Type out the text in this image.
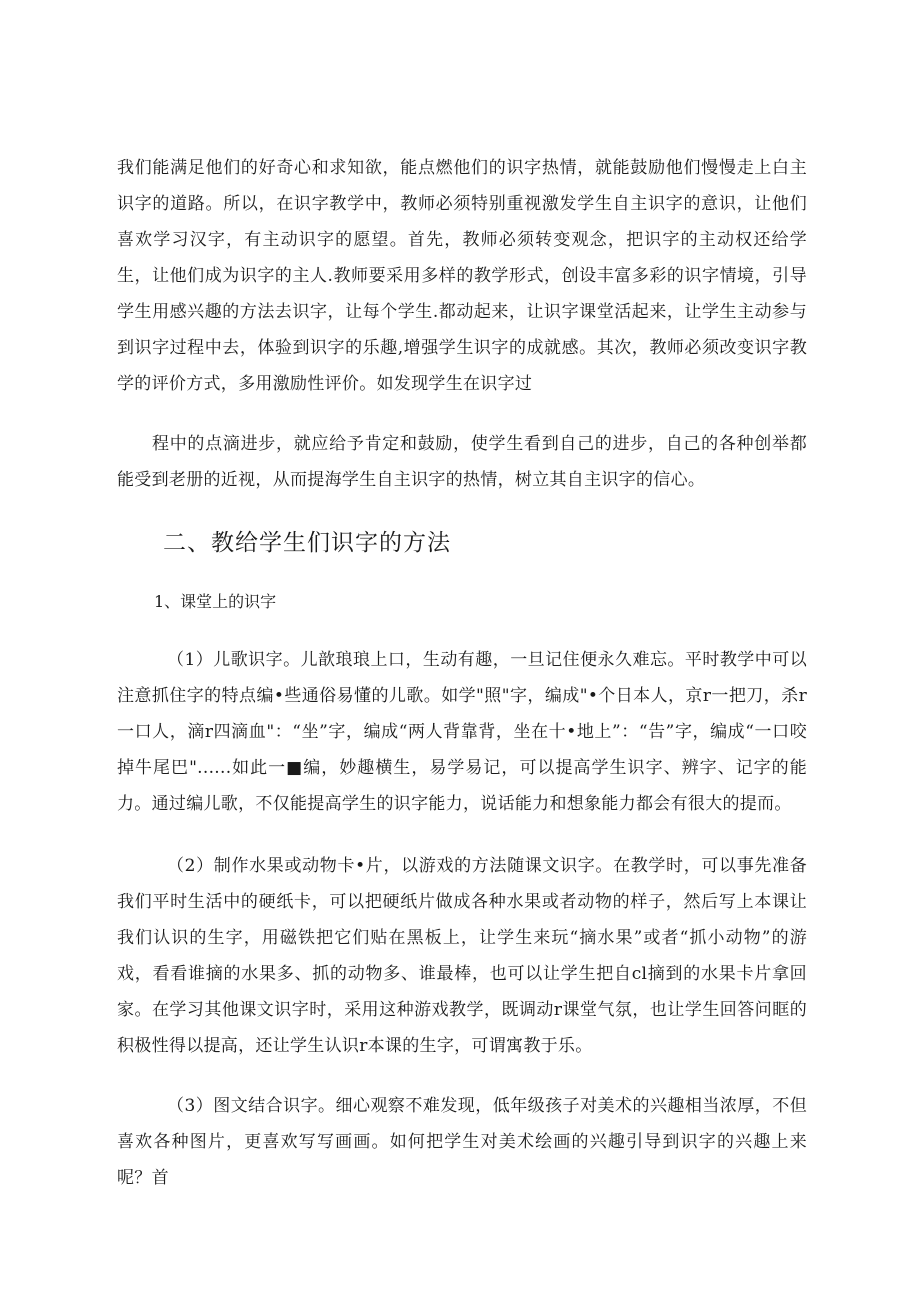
我们能满足他们的好奇心和求知欲，能点燃他们的识字热情，就能鼓励他们慢慢走上白主识字的道路。所以，在识字教学中，教师必须特别重视激发学生自主识字的意识，让他们喜欢学习汉字，有主动识字的愿望。首先，教师必须转变观念，把识字的主动权还给学生，让他们成为识字的主人.教师要采用多样的教学形式，创设丰富多彩的识字情境，引导学生用感兴趣的方法去识字，让每个学生.都动起来，让识字课堂活起来，让学生主动参与到识字过程中去，体验到识字的乐趣,增强学生识字的成就感。其次，教师必须改变识字教学的评价方式，多用激励性评价。如发现学生在识字过

程中的点滴进步，就应给予肯定和鼓励，使学生看到自己的进步，自己的各种创举都能受到老册的近视，从而提海学生自主识字的热情，树立其自主识字的信心。

二、教给学生们识字的方法
1、课堂上的识字

（1）儿歌识字。儿歆琅琅上口，生动有趣，一旦记住便永久难忘。平时教学中可以注意抓住字的特点编•些通俗易懂的儿歌。如学"照"字，编成"•个日本人，京r一把刀，杀r一口人，滴r四滴血"：“坐”字，编成“两人背靠背，坐在十•地上”：“告”字，编成“一口咬掉牛尾巴"......如此一■编，妙趣横生，易学易记，可以提高学生识字、辨字、记字的能力。通过编儿歌，不仅能提高学生的识字能力，说话能力和想象能力都会有很大的提而。

（2）制作水果或动物卡•片，以游戏的方法随课文识字。在教学时，可以事先准备我们平时生活中的硬纸卡，可以把硬纸片做成各种水果或者动物的样子，然后写上本课让我们认识的生字，用磁铁把它们贴在黑板上，让学生来玩“摘水果”或者“抓小动物”的游戏，看看谁摘的水果多、抓的动物多、谁最棒，也可以让学生把自cl摘到的水果卡片拿回家。在学习其他课文识字时，采用这种游戏教学，既调动r课堂气氛，也让学生回答问眶的积极性得以提高，还让学生认识r本课的生字，可谓寓教于乐。

（3）图文结合识字。细心观察不难发现，低年级孩子对美术的兴趣相当浓厚，不但喜欢各种图片，更喜欢写写画画。如何把学生对美术绘画的兴趣引导到识字的兴趣上来呢？首
